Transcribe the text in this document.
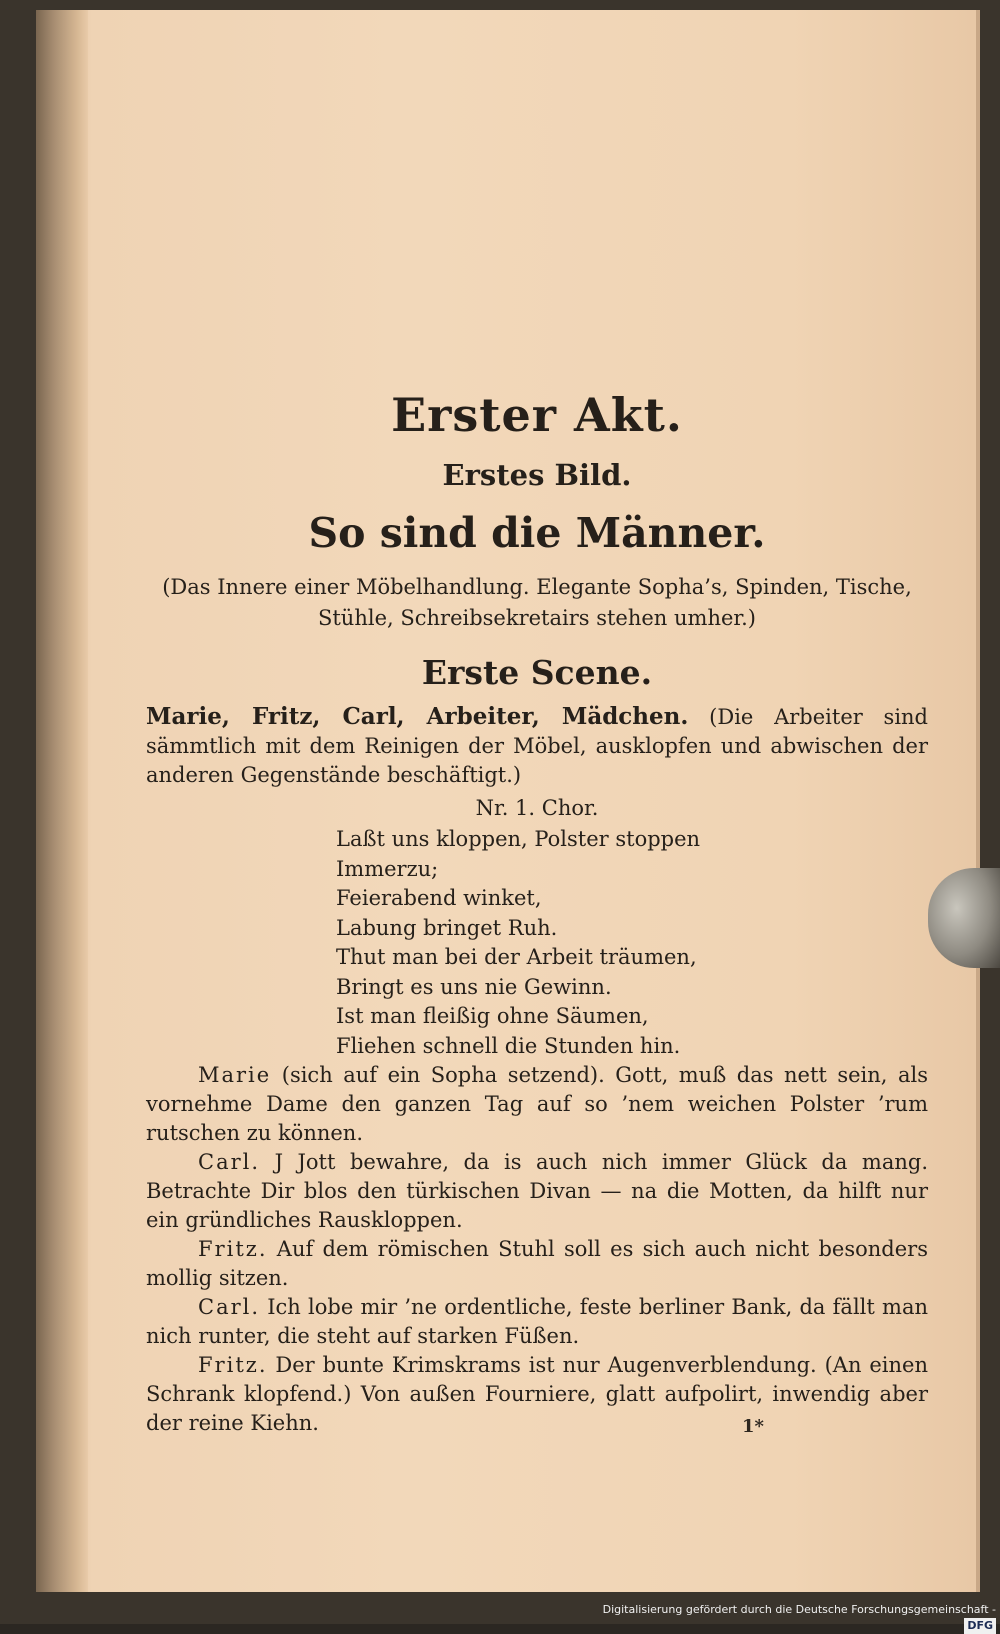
Erster Akt.
Erstes Bild.
So sind die Männer.

(Das Innere einer Möbelhandlung. Elegante Sopha’s, Spinden, Tische, Stühle, Schreibsekretairs stehen umher.)

Erste Scene.

Marie, Fritz, Carl, Arbeiter, Mädchen. (Die Arbeiter sind sämmtlich mit dem Reinigen der Möbel, ausklopfen und abwischen der anderen Gegenstände beschäftigt.)

Nr. 1. Chor.

Laßt uns kloppen, Polster stoppen
Immerzu;
Feierabend winket,
Labung bringet Ruh.
Thut man bei der Arbeit träumen,
Bringt es uns nie Gewinn.
Ist man fleißig ohne Säumen,
Fliehen schnell die Stunden hin.

Marie (sich auf ein Sopha setzend). Gott, muß das nett sein, als vornehme Dame den ganzen Tag auf so ’nem weichen Polster ’rum rutschen zu können.

Carl. J Jott bewahre, da is auch nich immer Glück da mang. Betrachte Dir blos den türkischen Divan — na die Motten, da hilft nur ein gründliches Rauskloppen.

Fritz. Auf dem römischen Stuhl soll es sich auch nicht besonders mollig sitzen.

Carl. Ich lobe mir ’ne ordentliche, feste berliner Bank, da fällt man nich runter, die steht auf starken Füßen.

Fritz. Der bunte Krimskrams ist nur Augenverblendung. (An einen Schrank klopfend.) Von außen Fourniere, glatt aufpolirt, inwendig aber der reine Kiehn.	1*
Digitalisierung gefördert durch die Deutsche Forschungsgemeinschaft -DFG
